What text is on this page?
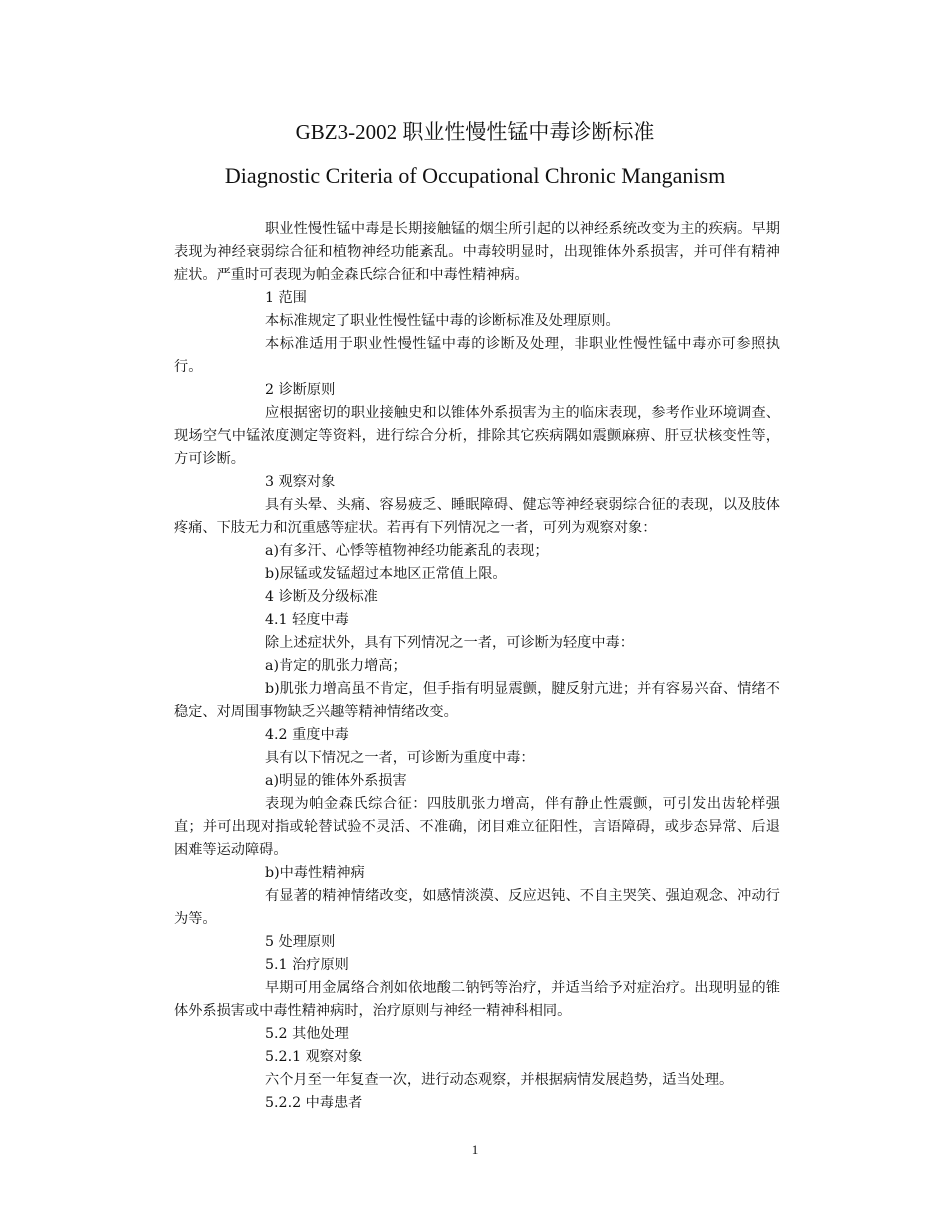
GBZ3-2002 职业性慢性锰中毒诊断标准
Diagnostic Criteria of Occupational Chronic Manganism

职业性慢性锰中毒是长期接触锰的烟尘所引起的以神经系统改变为主的疾病。早期表现为神经衰弱综合征和植物神经功能紊乱。中毒较明显时，出现锥体外系损害，并可伴有精神症状。严重时可表现为帕金森氏综合征和中毒性精神病。

1 范围

本标准规定了职业性慢性锰中毒的诊断标准及处理原则。

本标准适用于职业性慢性锰中毒的诊断及处理，非职业性慢性锰中毒亦可参照执行。

2 诊断原则

应根据密切的职业接触史和以锥体外系损害为主的临床表现，参考作业环境调查、现场空气中锰浓度测定等资料，进行综合分析，排除其它疾病隅如震颤麻痹、肝豆状核变性等，方可诊断。

3 观察对象

具有头晕、头痛、容易疲乏、睡眠障碍、健忘等神经衰弱综合征的表现，以及肢体疼痛、下肢无力和沉重感等症状。若再有下列情况之一者，可列为观察对象：

a)有多汗、心悸等植物神经功能紊乱的表现；

b)尿锰或发锰超过本地区正常值上限。

4 诊断及分级标准

4.1 轻度中毒

除上述症状外，具有下列情况之一者，可诊断为轻度中毒：

a)肯定的肌张力增高；

b)肌张力增高虽不肯定，但手指有明显震颤，腱反射亢进；并有容易兴奋、情绪不稳定、对周围事物缺乏兴趣等精神情绪改变。

4.2 重度中毒

具有以下情况之一者，可诊断为重度中毒：

a)明显的锥体外系损害

表现为帕金森氏综合征：四肢肌张力增高，伴有静止性震颤，可引发出齿轮样强直；并可出现对指或轮替试验不灵活、不准确，闭目难立征阳性，言语障碍，或步态异常、后退困难等运动障碍。

b)中毒性精神病

有显著的精神情绪改变，如感情淡漠、反应迟钝、不自主哭笑、强迫观念、冲动行为等。

5 处理原则

5.1 治疗原则

早期可用金属络合剂如依地酸二钠钙等治疗，并适当给予对症治疗。出现明显的锥体外系损害或中毒性精神病时，治疗原则与神经一精神科相同。

5.2 其他处理

5.2.1 观察对象

六个月至一年复查一次，进行动态观察，并根据病情发展趋势，适当处理。

5.2.2 中毒患者

1
